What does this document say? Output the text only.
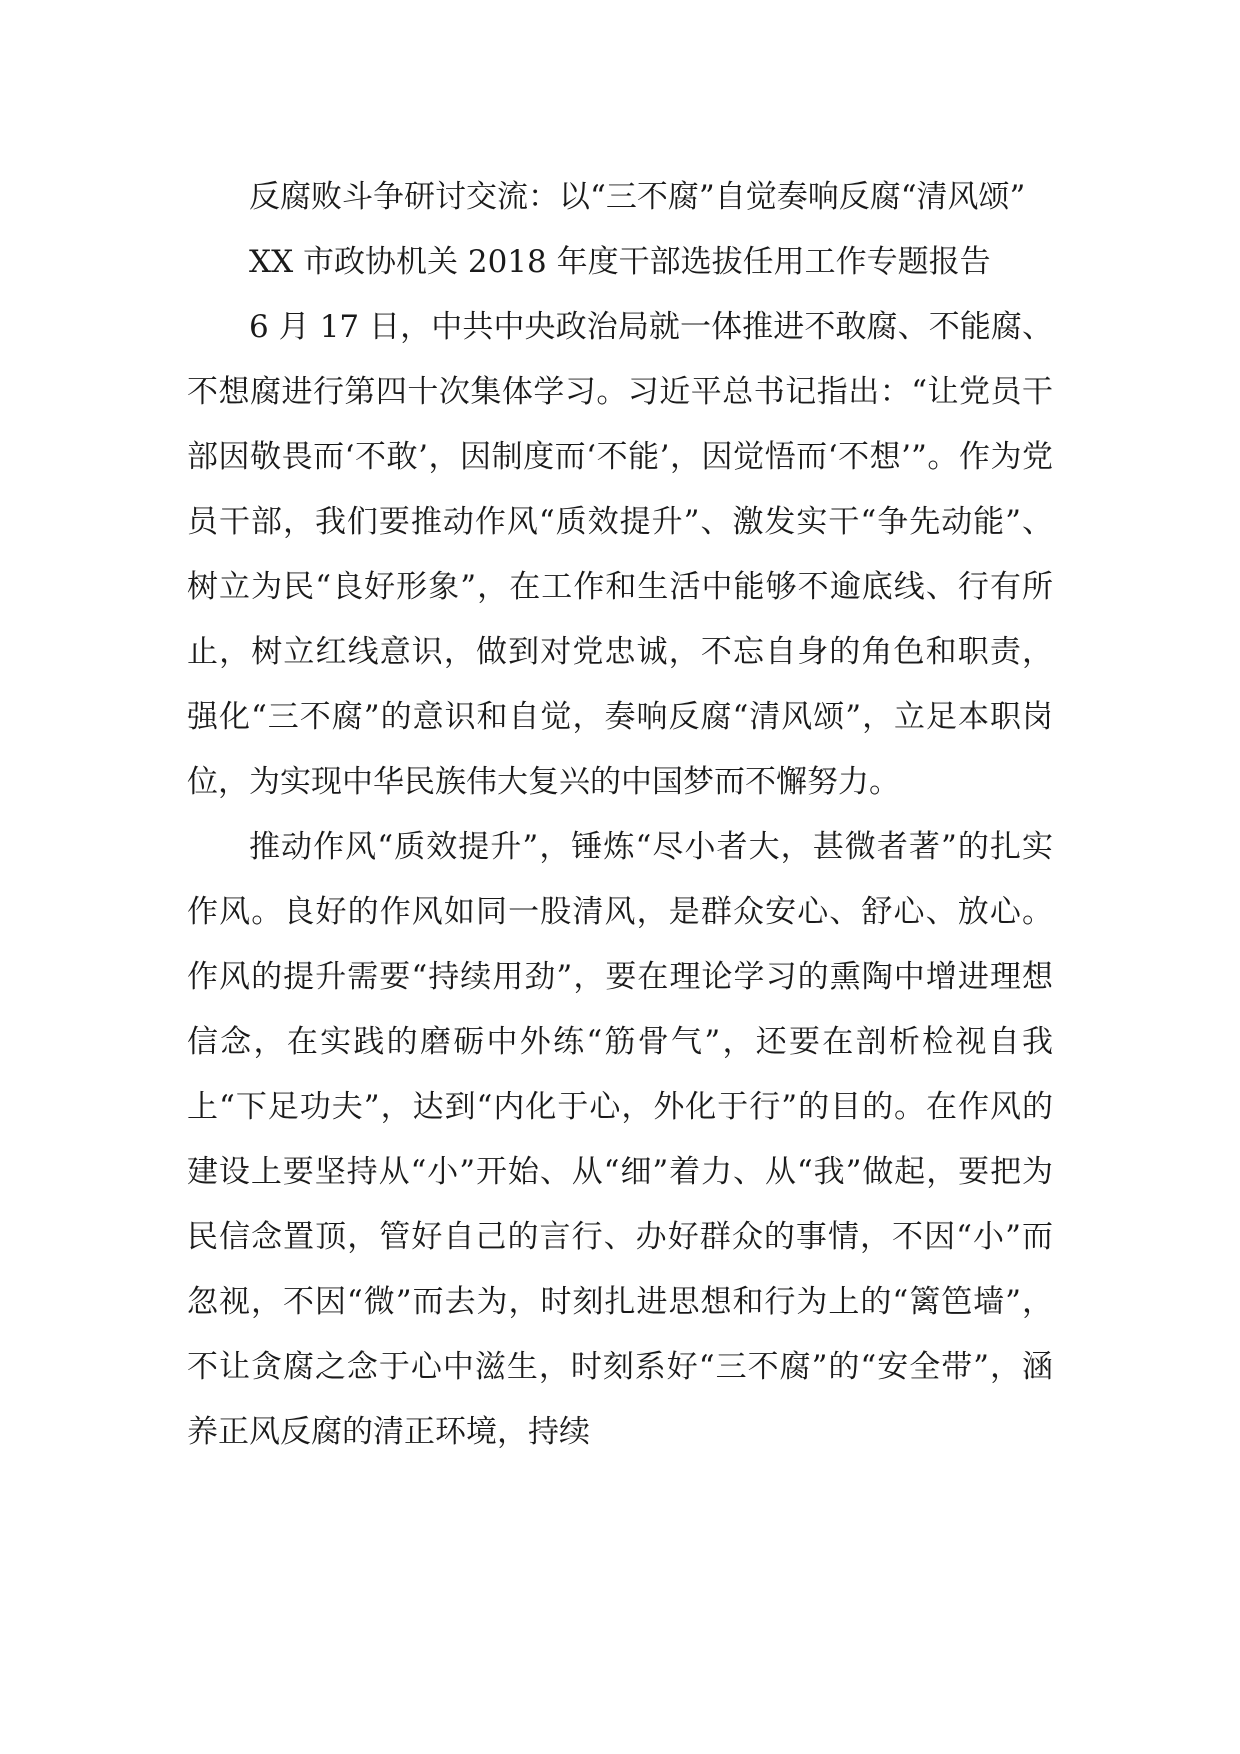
反腐败斗争研讨交流：以“三不腐”自觉奏响反腐“清风颂”

XX 市政协机关 2018 年度干部选拔任用工作专题报告

6 月 17 日，中共中央政治局就一体推进不敢腐、不能腐、不想腐进行第四十次集体学习。习近平总书记指出：“让党员干部因敬畏而‘不敢’，因制度而‘不能’，因觉悟而‘不想’”。作为党员干部，我们要推动作风“质效提升”、激发实干“争先动能”、树立为民“良好形象”，在工作和生活中能够不逾底线、行有所止，树立红线意识，做到对党忠诚，不忘自身的角色和职责，强化“三不腐”的意识和自觉，奏响反腐“清风颂”，立足本职岗位，为实现中华民族伟大复兴的中国梦而不懈努力。

推动作风“质效提升”，锤炼“尽小者大，甚微者著”的扎实作风。良好的作风如同一股清风，是群众安心、舒心、放心。作风的提升需要“持续用劲”，要在理论学习的熏陶中增进理想信念，在实践的磨砺中外练“筋骨气”，还要在剖析检视自我上“下足功夫”，达到“内化于心，外化于行”的目的。在作风的建设上要坚持从“小”开始、从“细”着力、从“我”做起，要把为民信念置顶，管好自己的言行、办好群众的事情，不因“小”而忽视，不因“微”而去为，时刻扎进思想和行为上的“篱笆墙”，不让贪腐之念于心中滋生，时刻系好“三不腐”的“安全带”，涵养正风反腐的清正环境，持续
